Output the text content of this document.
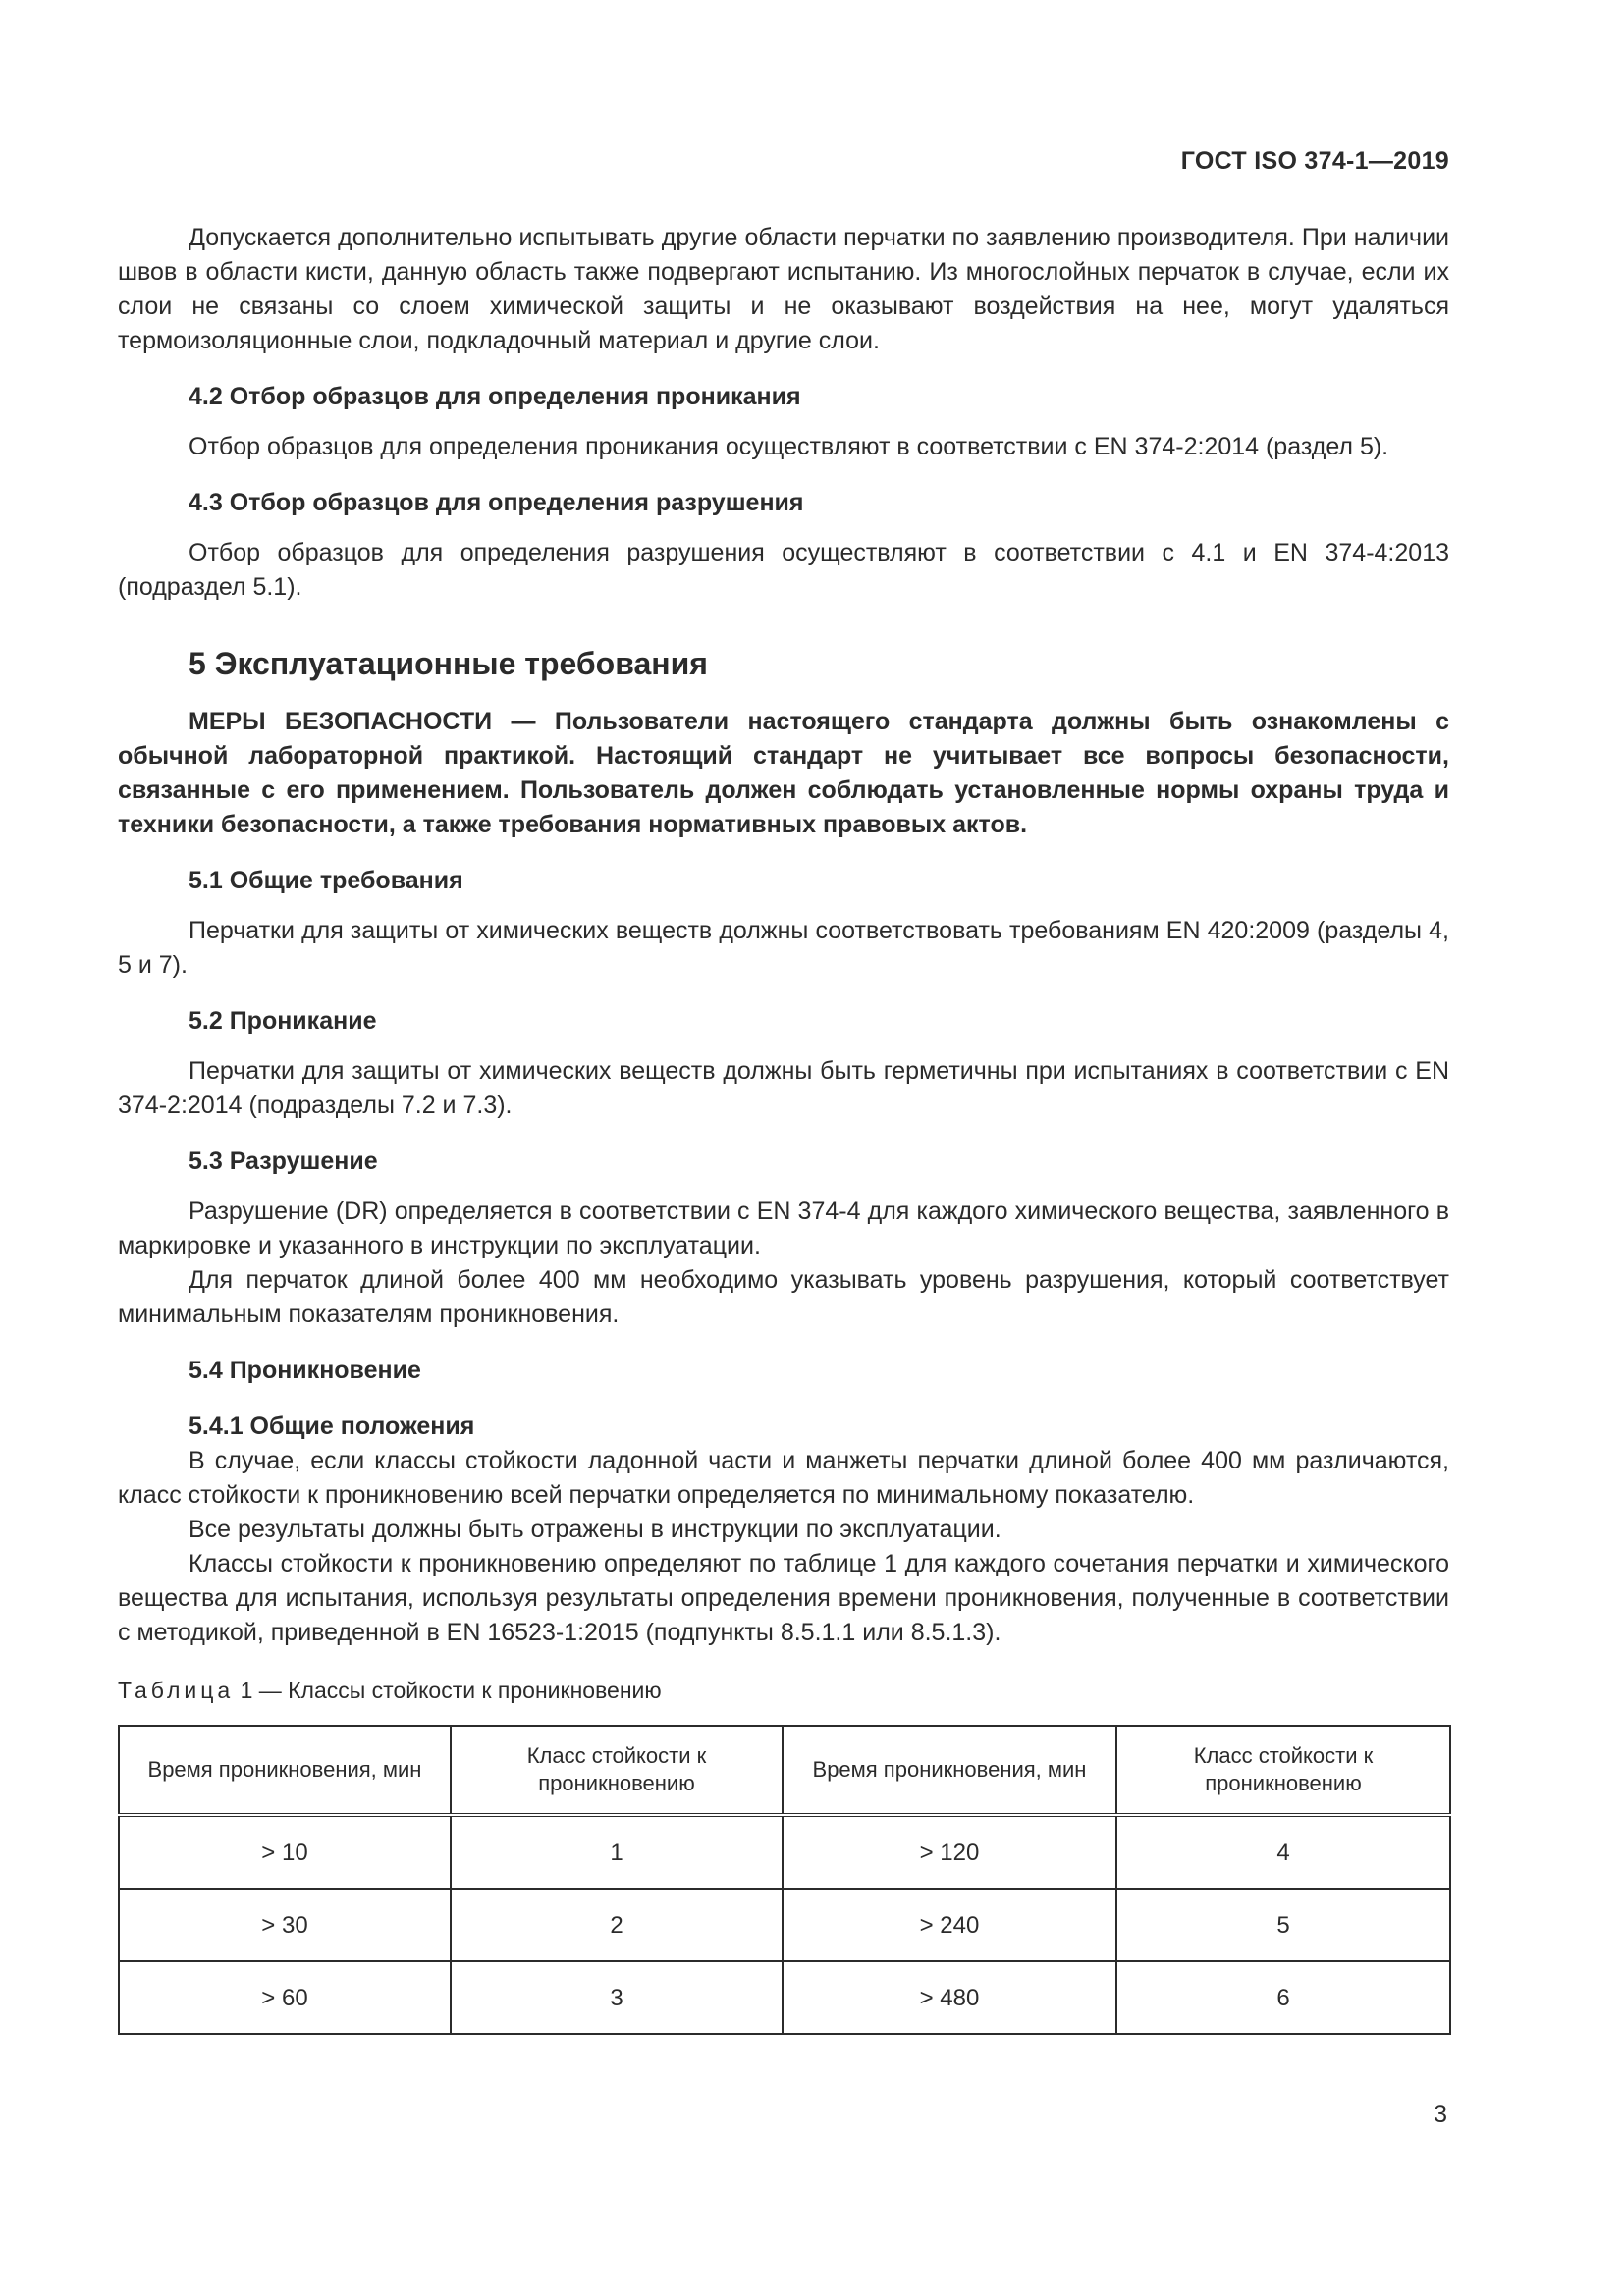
ГОСТ ISO 374-1—2019

Допускается дополнительно испытывать другие области перчатки по заявлению производителя. При наличии швов в области кисти, данную область также подвергают испытанию. Из многослойных перчаток в случае, если их слои не связаны со слоем химической защиты и не оказывают воздействия на нее, могут удаляться термоизоляционные слои, подкладочный материал и другие слои.

4.2 Отбор образцов для определения проникания

Отбор образцов для определения проникания осуществляют в соответствии с EN 374-2:2014 (раздел 5).

4.3 Отбор образцов для определения разрушения

Отбор образцов для определения разрушения осуществляют в соответствии с 4.1 и EN 374-4:2013 (подраздел 5.1).

5 Эксплуатационные требования

МЕРЫ БЕЗОПАСНОСТИ — Пользователи настоящего стандарта должны быть ознакомлены с обычной лабораторной практикой. Настоящий стандарт не учитывает все вопросы безопасности, связанные с его применением. Пользователь должен соблюдать установленные нормы охраны труда и техники безопасности, а также требования нормативных правовых актов.

5.1 Общие требования

Перчатки для защиты от химических веществ должны соответствовать требованиям EN 420:2009 (разделы 4, 5 и 7).

5.2 Проникание

Перчатки для защиты от химических веществ должны быть герметичны при испытаниях в соответствии с EN 374-2:2014 (подразделы 7.2 и 7.3).

5.3 Разрушение

Разрушение (DR) определяется в соответствии с EN 374-4 для каждого химического вещества, заявленного в маркировке и указанного в инструкции по эксплуатации.

Для перчаток длиной более 400 мм необходимо указывать уровень разрушения, который соответствует минимальным показателям проникновения.

5.4 Проникновение
5.4.1 Общие положения

В случае, если классы стойкости ладонной части и манжеты перчатки длиной более 400 мм различаются, класс стойкости к проникновению всей перчатки определяется по минимальному показателю.

Все результаты должны быть отражены в инструкции по эксплуатации.

Классы стойкости к проникновению определяют по таблице 1 для каждого сочетания перчатки и химического вещества для испытания, используя результаты определения времени проникновения, полученные в соответствии с методикой, приведенной в EN 16523-1:2015 (подпункты 8.5.1.1 или 8.5.1.3).

Таблица 1 — Классы стойкости к проникновению
Время проникновения, мин	Класс стойкости к проникновению	Время проникновения, мин	Класс стойкости к проникновению
> 10	1	> 120	4
> 30	2	> 240	5
> 60	3	> 480	6
3
